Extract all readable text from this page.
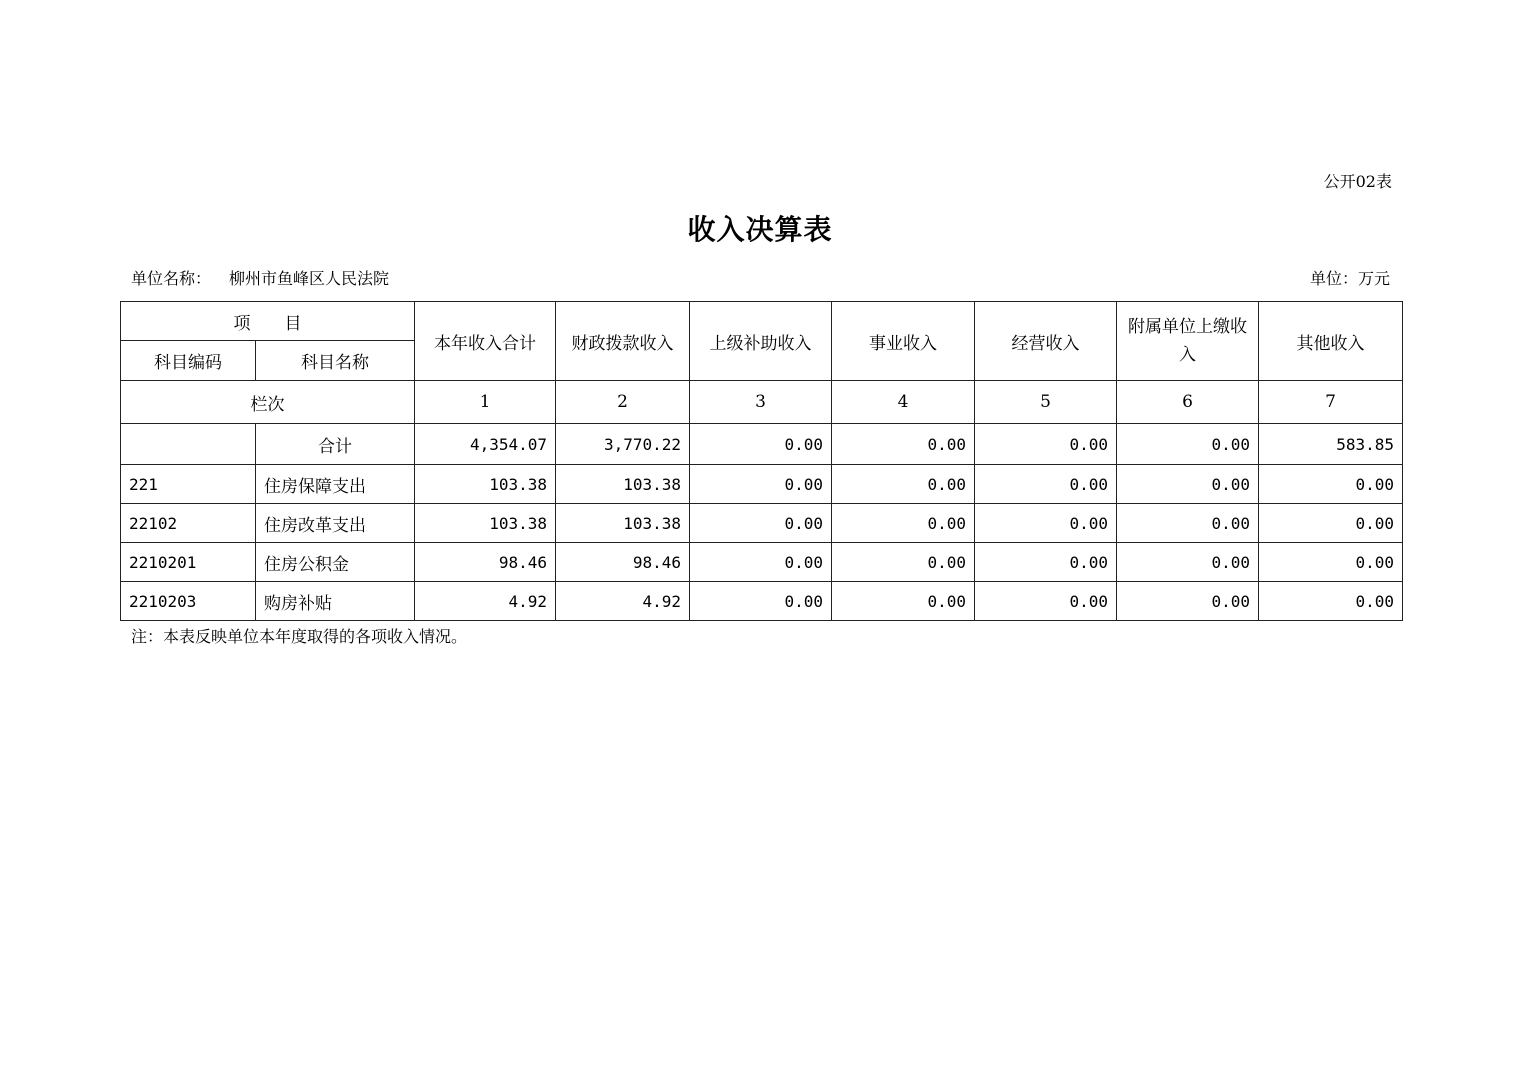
公开02表
收入决算表
单位名称： 柳州市鱼峰区人民法院	单位：万元
项　　目		本年收入合计	财政拨款收入	上级补助收入	事业收入	经营收入	附属单位上缴收入	其他收入
科目编码	科目名称							
栏次		1	2	3	4	5	6	7
	合计	4,354.07	3,770.22	0.00	0.00	0.00	0.00	583.85
221	住房保障支出	103.38	103.38	0.00	0.00	0.00	0.00	0.00
22102	住房改革支出	103.38	103.38	0.00	0.00	0.00	0.00	0.00
2210201	住房公积金	98.46	98.46	0.00	0.00	0.00	0.00	0.00
2210203	购房补贴	4.92	4.92	0.00	0.00	0.00	0.00	0.00
注：本表反映单位本年度取得的各项收入情况。
